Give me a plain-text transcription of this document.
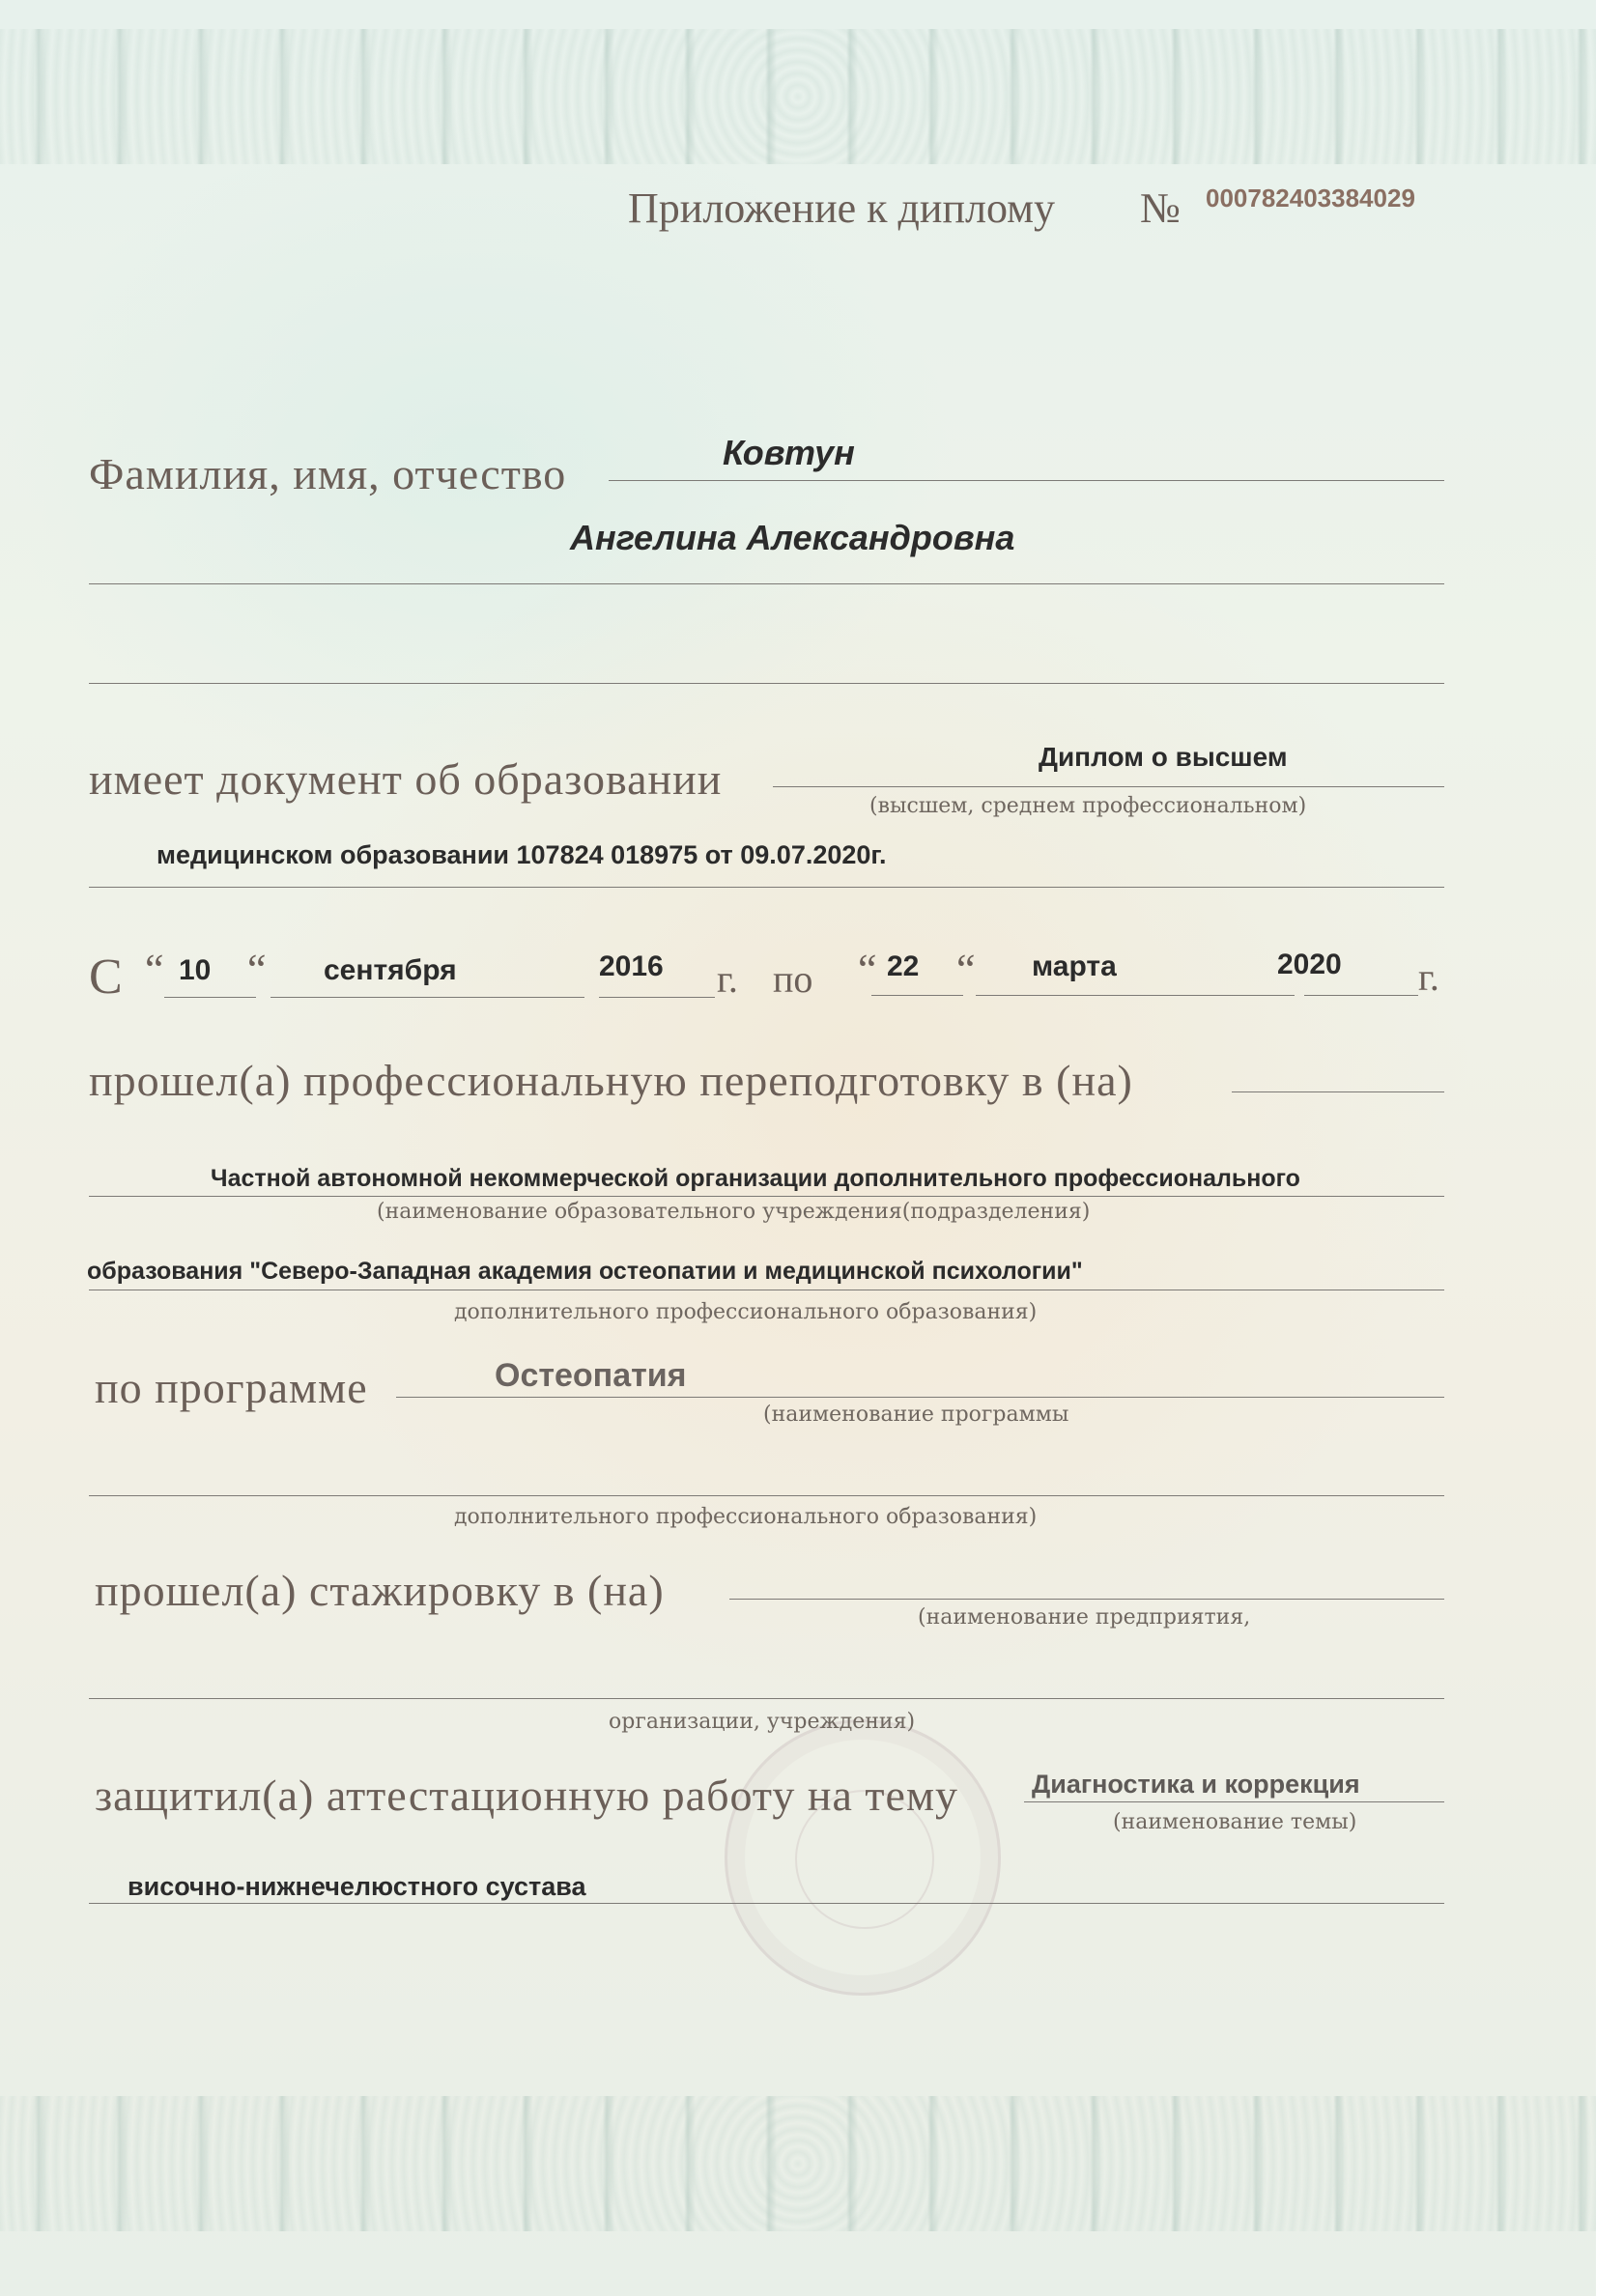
Приложение к диплому № 000782403384029
Фамилия, имя, отчество	Ковтун
Ангелина Александровна
имеет документ об образовании	Диплом о высшем
(высшем, среднем профессиональном)
медицинском образовании 107824 018975 от 09.07.2020г.
С “ 10 “ сентября	2016 г. по “ 22 “ марта	2020 г.
прошел(а) профессиональную переподготовку в (на)
Частной автономной некоммерческой организации дополнительного профессионального
(наименование образовательного учреждения(подразделения)
образования "Северо-Западная академия остеопатии и медицинской психологии"
дополнительного профессионального образования)
по программе	Остеопатия
(наименование программы
дополнительного профессионального образования)
прошел(а) стажировку в (на)
(наименование предприятия,
организации, учреждения)
защитил(а) аттестационную работу на тему	Диагностика и коррекция
(наименование темы)
височно-нижнечелюстного сустава
